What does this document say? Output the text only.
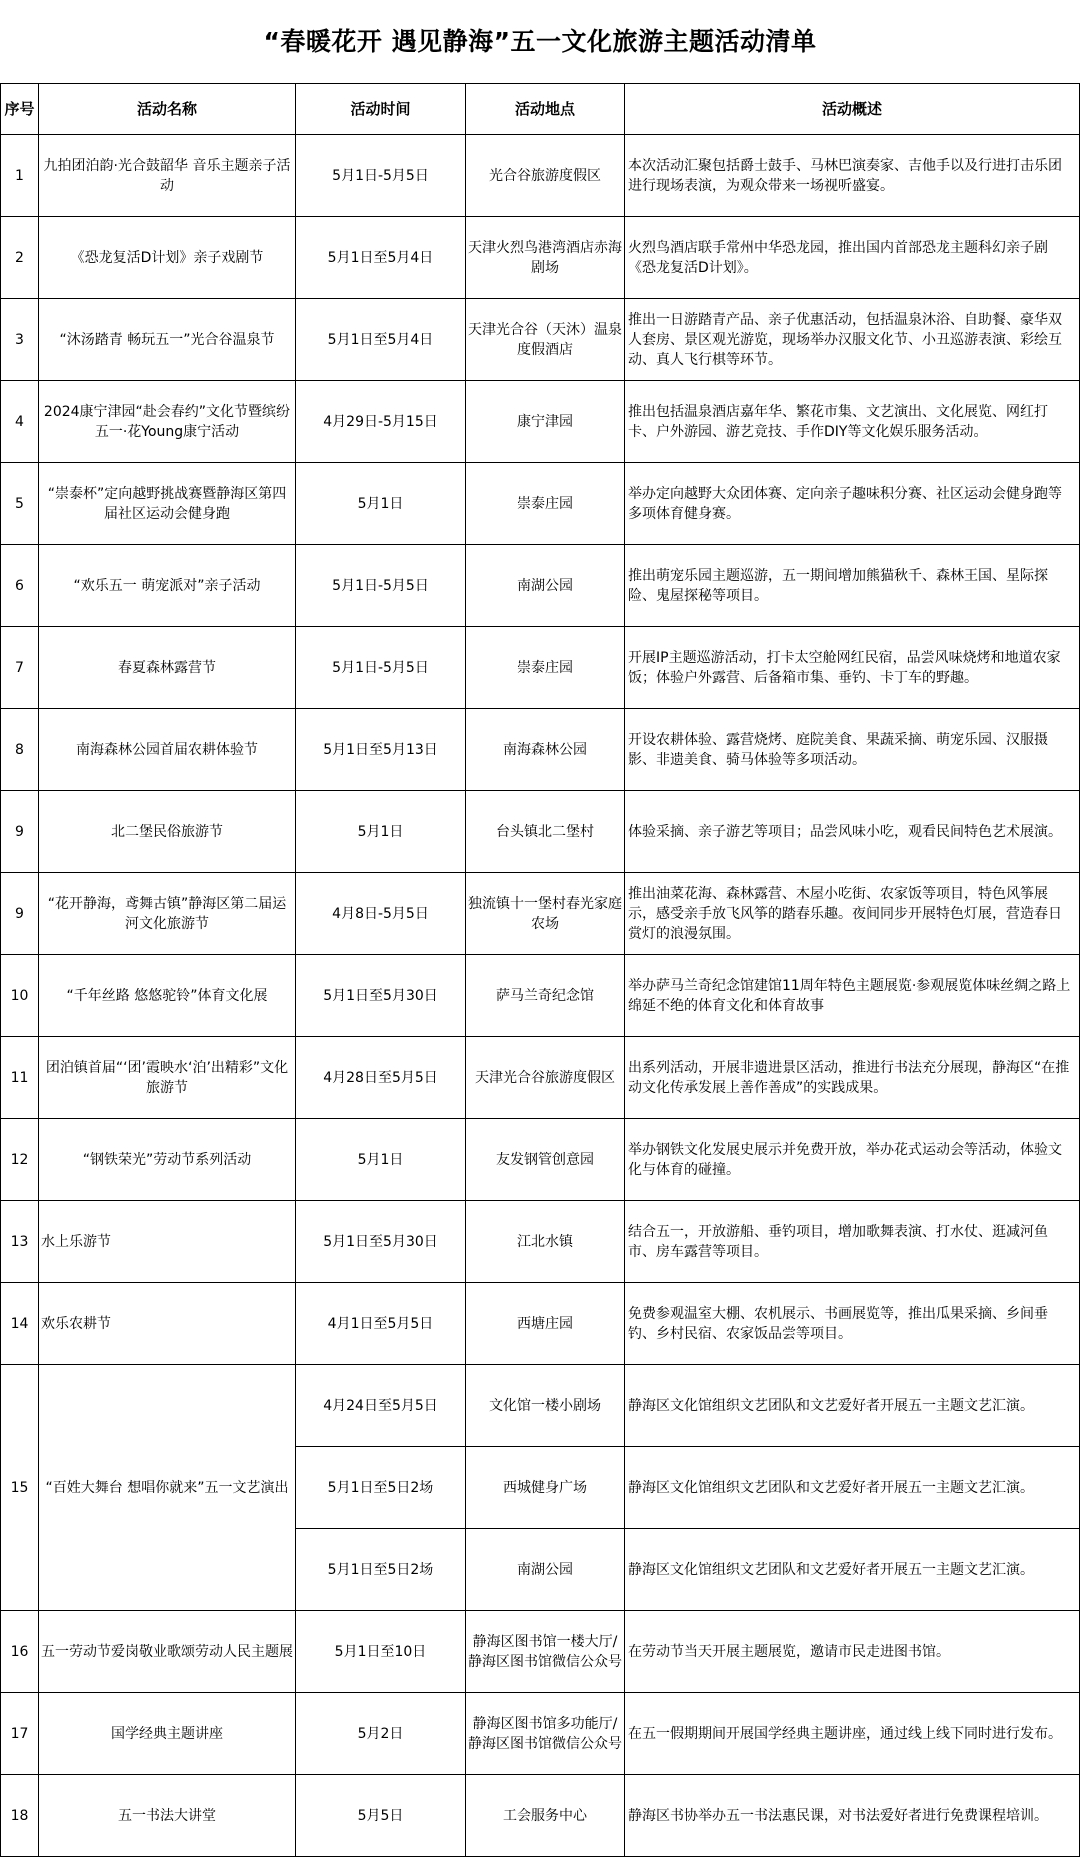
“春暖花开 遇见静海”五一文化旅游主题活动清单
序号	活动名称	活动时间	活动地点	活动概述
1	九拍团泊韵·光合鼓韶华 音乐主题亲子活动	5月1日-5月5日	光合谷旅游度假区	本次活动汇聚包括爵士鼓手、马林巴演奏家、吉他手以及行进打击乐团进行现场表演，为观众带来一场视听盛宴。
2	《恐龙复活D计划》亲子戏剧节	5月1日至5月4日	天津火烈鸟港湾酒店赤海剧场	火烈鸟酒店联手常州中华恐龙园，推出国内首部恐龙主题科幻亲子剧《恐龙复活D计划》。
3	“沐汤踏青 畅玩五一”光合谷温泉节	5月1日至5月4日	天津光合谷（天沐）温泉度假酒店	推出一日游踏青产品、亲子优惠活动，包括温泉沐浴、自助餐、豪华双人套房、景区观光游览，现场举办汉服文化节、小丑巡游表演、彩绘互动、真人飞行棋等环节。
4	2024康宁津园“赴会春约”文化节暨缤纷五一·花Young康宁活动	4月29日-5月15日	康宁津园	推出包括温泉酒店嘉年华、繁花市集、文艺演出、文化展览、网红打卡、户外游园、游艺竞技、手作DIY等文化娱乐服务活动。
5	“崇泰杯”定向越野挑战赛暨静海区第四届社区运动会健身跑	5月1日	崇泰庄园	举办定向越野大众团体赛、定向亲子趣味积分赛、社区运动会健身跑等多项体育健身赛。
6	“欢乐五一 萌宠派对”亲子活动	5月1日-5月5日	南湖公园	推出萌宠乐园主题巡游，五一期间增加熊猫秋千、森林王国、星际探险、鬼屋探秘等项目。
7	春夏森林露营节	5月1日-5月5日	崇泰庄园	开展IP主题巡游活动，打卡太空舱网红民宿，品尝风味烧烤和地道农家饭；体验户外露营、后备箱市集、垂钓、卡丁车的野趣。
8	南海森林公园首届农耕体验节	5月1日至5月13日	南海森林公园	开设农耕体验、露营烧烤、庭院美食、果蔬采摘、萌宠乐园、汉服摄影、非遗美食、骑马体验等多项活动。
9	北二堡民俗旅游节	5月1日	台头镇北二堡村	体验采摘、亲子游艺等项目；品尝风味小吃，观看民间特色艺术展演。
9	“花开静海，鸢舞古镇”静海区第二届运河文化旅游节	4月8日-5月5日	独流镇十一堡村春光家庭农场	推出油菜花海、森林露营、木屋小吃街、农家饭等项目，特色风筝展示，感受亲手放飞风筝的踏春乐趣。夜间同步开展特色灯展，营造春日赏灯的浪漫氛围。
10	“千年丝路 悠悠驼铃”体育文化展	5月1日至5月30日	萨马兰奇纪念馆	举办萨马兰奇纪念馆建馆11周年特色主题展览·参观展览体味丝绸之路上绵延不绝的体育文化和体育故事
11	团泊镇首届“‘团’霞映水‘泊’出精彩”文化旅游节	4月28日至5月5日	天津光合谷旅游度假区	出系列活动，开展非遗进景区活动，推进行书法充分展现，静海区“在推动文化传承发展上善作善成”的实践成果。
12	“钢铁荣光”劳动节系列活动	5月1日	友发钢管创意园	举办钢铁文化发展史展示并免费开放，举办花式运动会等活动，体验文化与体育的碰撞。
13	水上乐游节	5月1日至5月30日	江北水镇	结合五一，开放游船、垂钓项目，增加歌舞表演、打水仗、逛减河鱼市、房车露营等项目。
14	欢乐农耕节	4月1日至5月5日	西塘庄园	免费参观温室大棚、农机展示、书画展览等，推出瓜果采摘、乡间垂钓、乡村民宿、农家饭品尝等项目。
15	“百姓大舞台 想唱你就来”五一文艺演出	4月24日至5月5日	文化馆一楼小剧场	静海区文化馆组织文艺团队和文艺爱好者开展五一主题文艺汇演。
		5月1日至5日2场	西城健身广场	静海区文化馆组织文艺团队和文艺爱好者开展五一主题文艺汇演。
		5月1日至5日2场	南湖公园	静海区文化馆组织文艺团队和文艺爱好者开展五一主题文艺汇演。
16	五一劳动节爱岗敬业歌颂劳动人民主题展	5月1日至10日	静海区图书馆一楼大厅/静海区图书馆微信公众号	在劳动节当天开展主题展览，邀请市民走进图书馆。
17	国学经典主题讲座	5月2日	静海区图书馆多功能厅/静海区图书馆微信公众号	在五一假期期间开展国学经典主题讲座，通过线上线下同时进行发布。
18	五一书法大讲堂	5月5日	工会服务中心	静海区书协举办五一书法惠民课，对书法爱好者进行免费课程培训。
